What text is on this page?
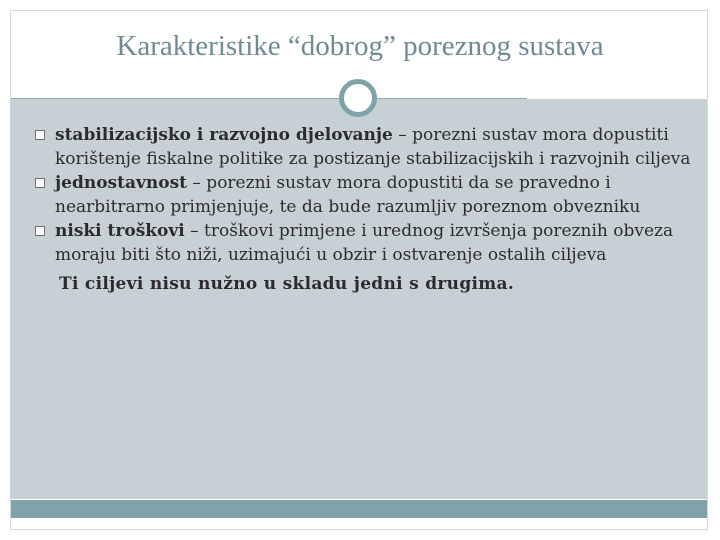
Karakteristike “dobrog” poreznog sustava
stabilizacijsko i razvojno djelovanje – porezni sustav mora dopustiti korištenje fiskalne politike za postizanje stabilizacijskih i razvojnih ciljeva
jednostavnost – porezni sustav mora dopustiti da se pravedno i nearbitrarno primjenjuje, te da bude razumljiv poreznom obvezniku
niski troškovi – troškovi primjene i urednog izvršenja poreznih obveza moraju biti što niži, uzimajući u obzir i ostvarenje ostalih ciljeva
Ti ciljevi nisu nužno u skladu jedni s drugima.
